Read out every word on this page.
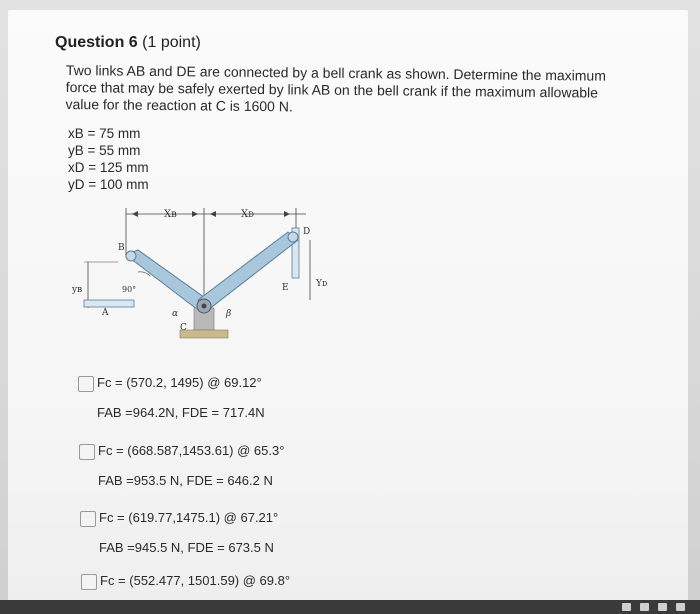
Question 6 (1 point)
Two links AB and DE are connected by a bell crank as shown. Determine the maximum force that may be safely exerted by link AB on the bell crank if the maximum allowable value for the reaction at C is 1600 N.
xB = 75 mm
yB = 55 mm
xD = 125 mm
yD = 100 mm
Xʙ	Xᴅ
yʙ
Yᴅ
90°
α	β
A
B
C
D
E
Fc = (570.2, 1495) @ 69.12°
FAB =964.2N, FDE = 717.4N
Fc = (668.587,1453.61) @ 65.3°
FAB =953.5 N, FDE = 646.2 N
Fc = (619.77,1475.1) @ 67.21°
FAB =945.5 N, FDE = 673.5 N
Fc = (552.477, 1501.59) @ 69.8°
